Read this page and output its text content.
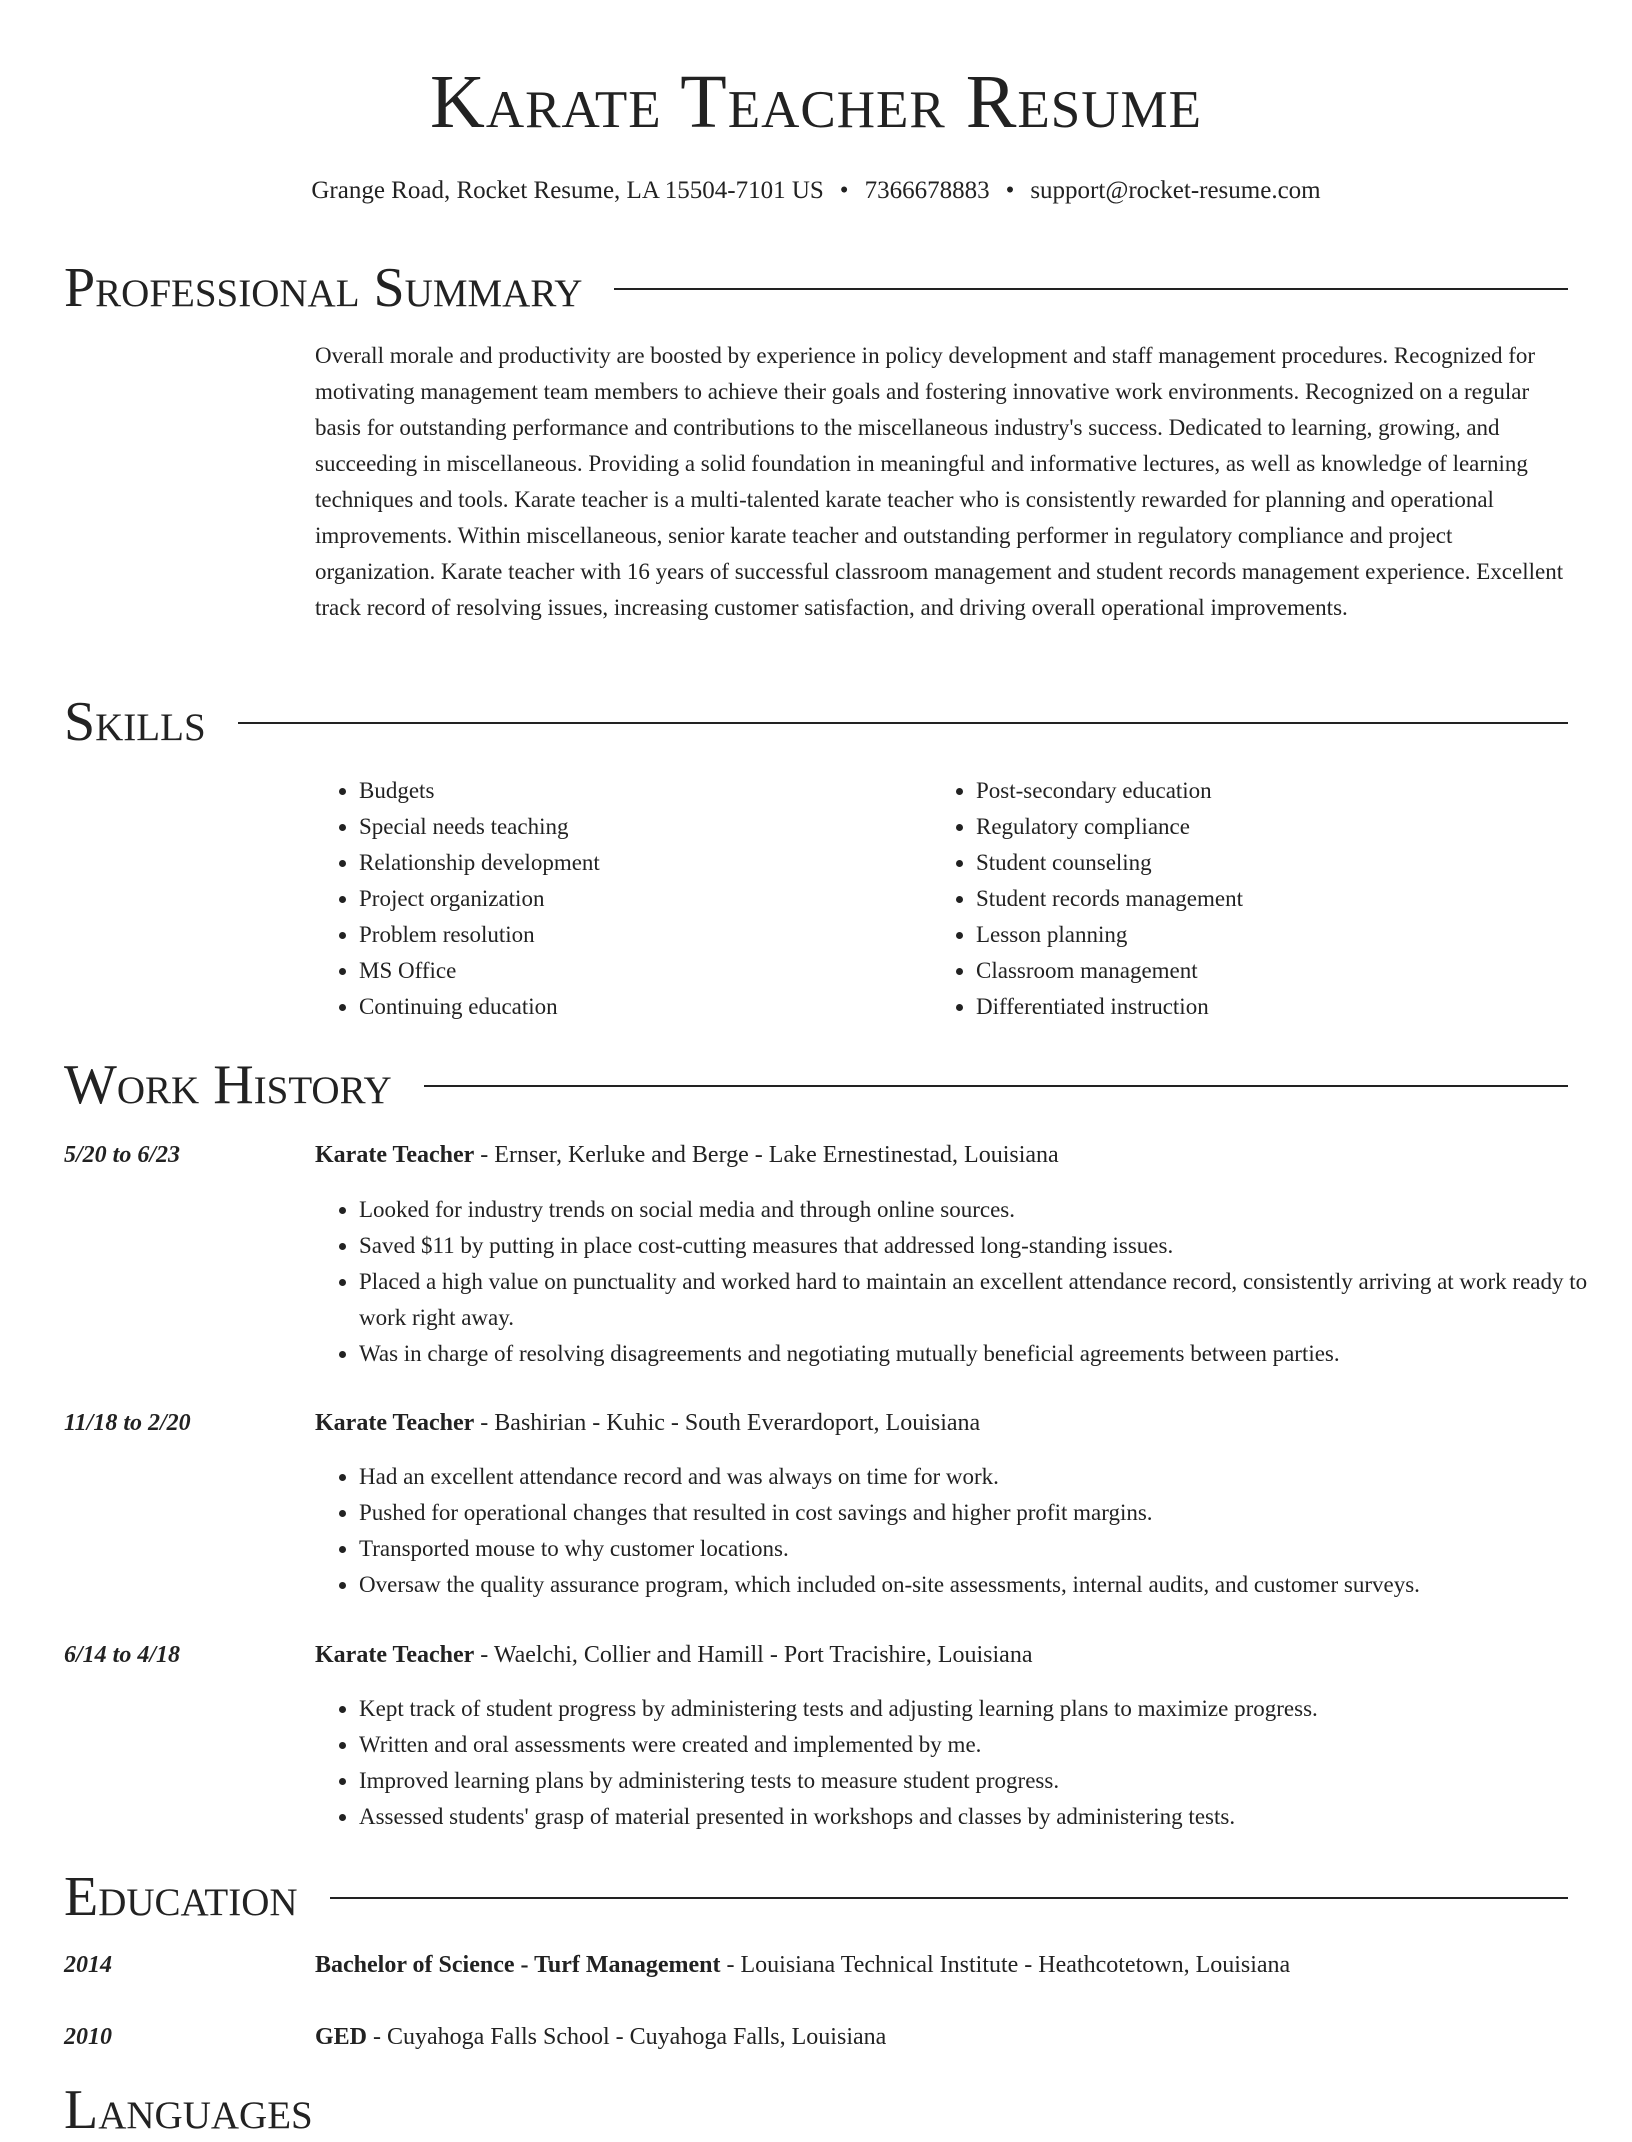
Karate Teacher Resume
Grange Road, Rocket Resume, LA 15504-7101 US • 7366678883 • support@rocket-resume.com
Professional Summary

Overall morale and productivity are boosted by experience in policy development and staff management procedures. Recognized for motivating management team members to achieve their goals and fostering innovative work environments. Recognized on a regular basis for outstanding performance and contributions to the miscellaneous industry's success. Dedicated to learning, growing, and succeeding in miscellaneous. Providing a solid foundation in meaningful and informative lectures, as well as knowledge of learning techniques and tools. Karate teacher is a multi-talented karate teacher who is consistently rewarded for planning and operational improvements. Within miscellaneous, senior karate teacher and outstanding performer in regulatory compliance and project organization. Karate teacher with 16 years of successful classroom management and student records management experience. Excellent track record of resolving issues, increasing customer satisfaction, and driving overall operational improvements.

Skills
• Budgets
• Special needs teaching
• Relationship development
• Project organization
• Problem resolution
• MS Office
• Continuing education
• Post-secondary education
• Regulatory compliance
• Student counseling
• Student records management
• Lesson planning
• Classroom management
• Differentiated instruction
Work History
5/20 to 6/23	Karate Teacher - Ernser, Kerluke and Berge - Lake Ernestinestad, Louisiana
• Looked for industry trends on social media and through online sources.
• Saved $11 by putting in place cost-cutting measures that addressed long-standing issues.
• Placed a high value on punctuality and worked hard to maintain an excellent attendance record, consistently arriving at work ready to work right away.
• Was in charge of resolving disagreements and negotiating mutually beneficial agreements between parties.
11/18 to 2/20	Karate Teacher - Bashirian - Kuhic - South Everardoport, Louisiana
• Had an excellent attendance record and was always on time for work.
• Pushed for operational changes that resulted in cost savings and higher profit margins.
• Transported mouse to why customer locations.
• Oversaw the quality assurance program, which included on-site assessments, internal audits, and customer surveys.
6/14 to 4/18	Karate Teacher - Waelchi, Collier and Hamill - Port Tracishire, Louisiana
• Kept track of student progress by administering tests and adjusting learning plans to maximize progress.
• Written and oral assessments were created and implemented by me.
• Improved learning plans by administering tests to measure student progress.
• Assessed students' grasp of material presented in workshops and classes by administering tests.
Education
2014	Bachelor of Science - Turf Management - Louisiana Technical Institute - Heathcotetown, Louisiana
2010	GED - Cuyahoga Falls School - Cuyahoga Falls, Louisiana
Languages
